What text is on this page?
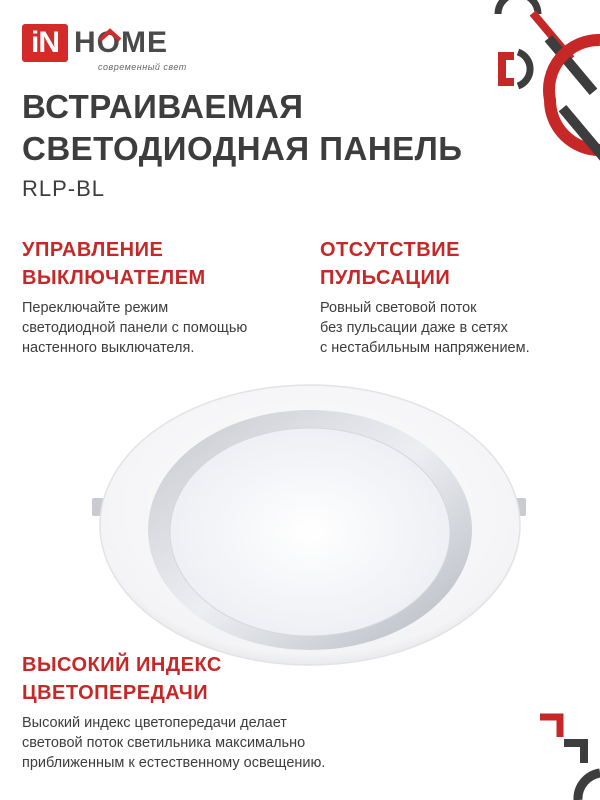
iN HOME
современный свет
ВСТРАИВАЕМАЯ
СВЕТОДИОДНАЯ ПАНЕЛЬ
RLP-BL
УПРАВЛЕНИЕ
ВЫКЛЮЧАТЕЛЕМ
Переключайте режим
светодиодной панели с помощью
настенного выключателя.
ОТСУТСТВИЕ
ПУЛЬСАЦИИ
Ровный световой поток
без пульсации даже в сетях
с нестабильным напряжением.
ВЫСОКИЙ ИНДЕКС
ЦВЕТОПЕРЕДАЧИ
Высокий индекс цветопередачи делает
световой поток светильника максимально
приближенным к естественному освещению.
